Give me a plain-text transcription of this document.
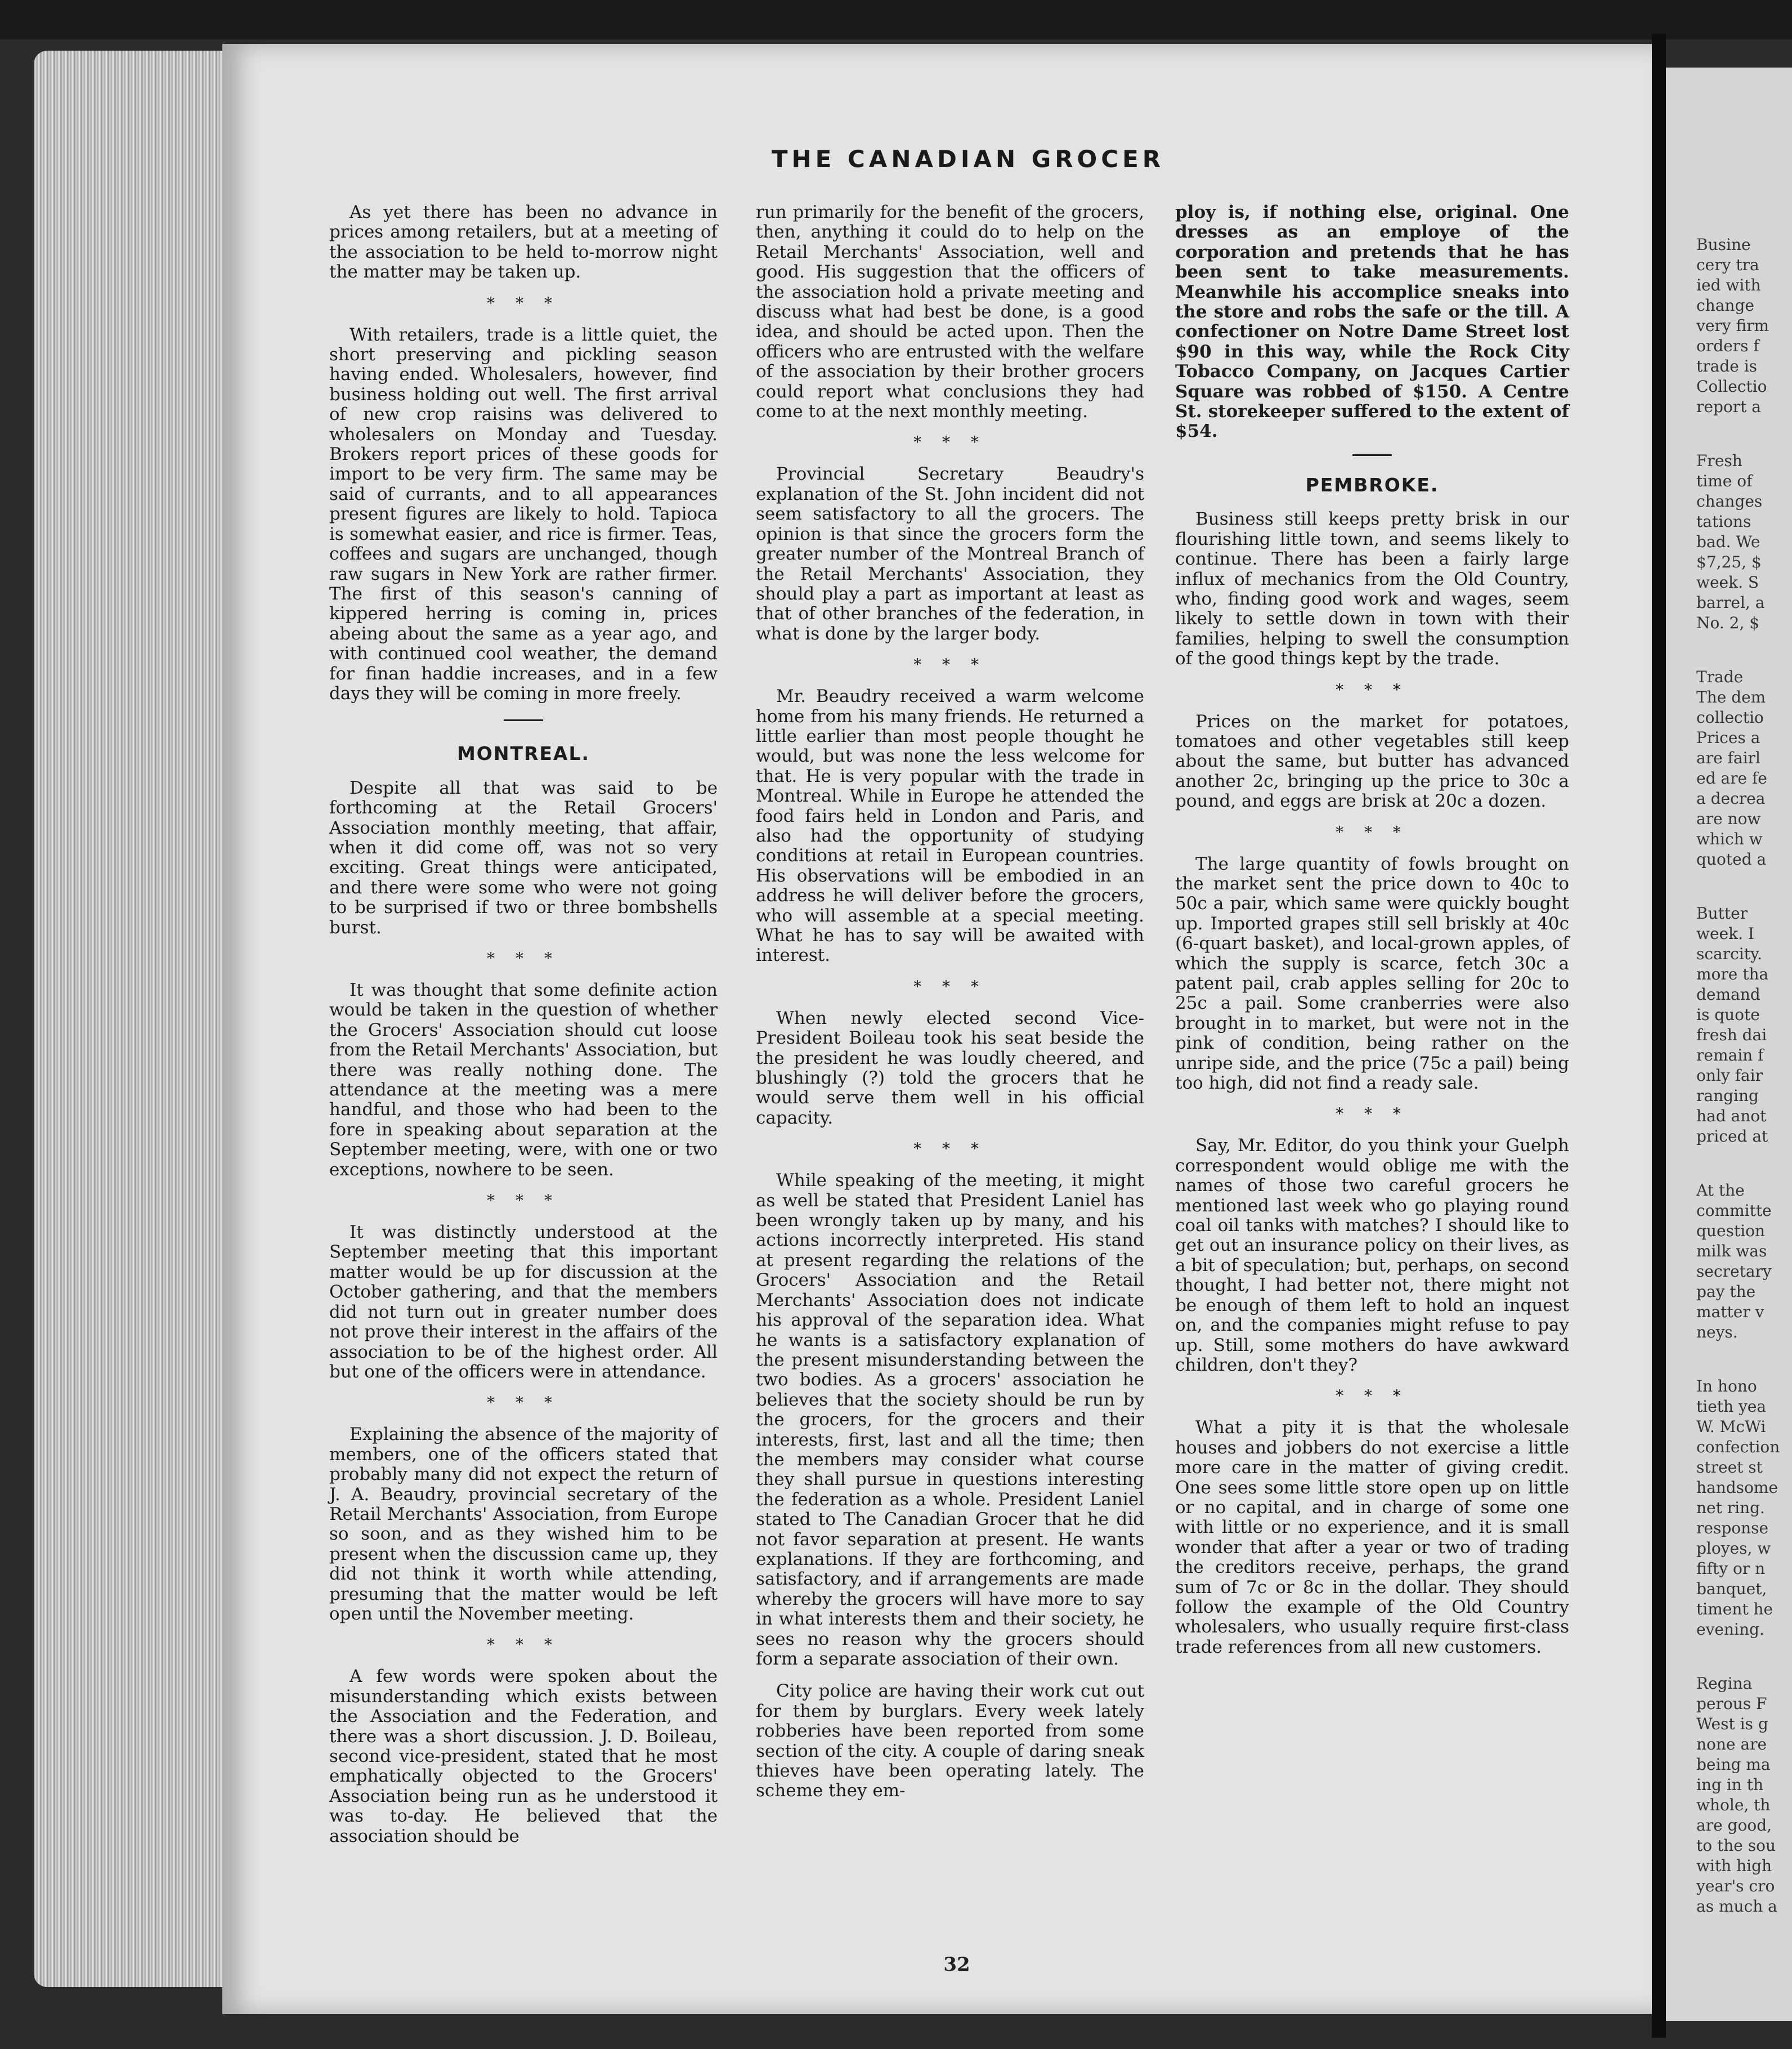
THE CANADIAN GROCER

As yet there has been no advance in prices among retailers, but at a meeting of the association to be held to-morrow night the matter may be taken up.

* * *

With retailers, trade is a little quiet, the short preserving and pickling season having ended. Wholesalers, however, find business holding out well. The first arrival of new crop raisins was delivered to wholesalers on Monday and Tuesday. Brokers report prices of these goods for import to be very firm. The same may be said of currants, and to all appearances present figures are likely to hold. Tapioca is somewhat easier, and rice is firmer. Teas, coffees and sugars are unchanged, though raw sugars in New York are rather firmer. The first of this season's canning of kippered herring is coming in, prices abeing about the same as a year ago, and with continued cool weather, the demand for finan haddie increases, and in a few days they will be coming in more freely.

MONTREAL.

Despite all that was said to be forthcoming at the Retail Grocers' Association monthly meeting, that affair, when it did come off, was not so very exciting. Great things were anticipated, and there were some who were not going to be surprised if two or three bombshells burst.

* * *

It was thought that some definite action would be taken in the question of whether the Grocers' Association should cut loose from the Retail Merchants' Association, but there was really nothing done. The attendance at the meeting was a mere handful, and those who had been to the fore in speaking about separation at the September meeting, were, with one or two exceptions, nowhere to be seen.

* * *

It was distinctly understood at the September meeting that this important matter would be up for discussion at the October gathering, and that the members did not turn out in greater number does not prove their interest in the affairs of the association to be of the highest order. All but one of the officers were in attendance.

* * *

Explaining the absence of the majority of members, one of the officers stated that probably many did not expect the return of J. A. Beaudry, provincial secretary of the Retail Merchants' Association, from Europe so soon, and as they wished him to be present when the discussion came up, they did not think it worth while attending, presuming that the matter would be left open until the November meeting.

* * *

A few words were spoken about the misunderstanding which exists between the Association and the Federation, and there was a short discussion. J. D. Boileau, second vice-president, stated that he most emphatically objected to the Grocers' Association being run as he understood it was to-day. He believed that the association should be

run primarily for the benefit of the grocers, then, anything it could do to help on the Retail Merchants' Association, well and good. His suggestion that the officers of the association hold a private meeting and discuss what had best be done, is a good idea, and should be acted upon. Then the officers who are entrusted with the welfare of the association by their brother grocers could report what conclusions they had come to at the next monthly meeting.

* * *

Provincial Secretary Beaudry's explanation of the St. John incident did not seem satisfactory to all the grocers. The opinion is that since the grocers form the greater number of the Montreal Branch of the Retail Merchants' Association, they should play a part as important at least as that of other branches of the federation, in what is done by the larger body.

* * *

Mr. Beaudry received a warm welcome home from his many friends. He returned a little earlier than most people thought he would, but was none the less welcome for that. He is very popular with the trade in Montreal. While in Europe he attended the food fairs held in London and Paris, and also had the opportunity of studying conditions at retail in European countries. His observations will be embodied in an address he will deliver before the grocers, who will assemble at a special meeting. What he has to say will be awaited with interest.

* * *

When newly elected second Vice-President Boileau took his seat beside the the president he was loudly cheered, and blushingly (?) told the grocers that he would serve them well in his official capacity.

* * *

While speaking of the meeting, it might as well be stated that President Laniel has been wrongly taken up by many, and his actions incorrectly interpreted. His stand at present regarding the relations of the Grocers' Association and the Retail Merchants' Association does not indicate his approval of the separation idea. What he wants is a satisfactory explanation of the present misunderstanding between the two bodies. As a grocers' association he believes that the society should be run by the grocers, for the grocers and their interests, first, last and all the time; then the members may consider what course they shall pursue in questions interesting the federation as a whole. President Laniel stated to The Canadian Grocer that he did not favor separation at present. He wants explanations. If they are forthcoming, and satisfactory, and if arrangements are made whereby the grocers will have more to say in what interests them and their society, he sees no reason why the grocers should form a separate association of their own.

City police are having their work cut out for them by burglars. Every week lately robberies have been reported from some section of the city. A couple of daring sneak thieves have been operating lately. The scheme they em-

ploy is, if nothing else, original. One dresses as an employe of the corporation and pretends that he has been sent to take measurements. Meanwhile his accomplice sneaks into the store and robs the safe or the till. A confectioner on Notre Dame Street lost $90 in this way, while the Rock City Tobacco Company, on Jacques Cartier Square was robbed of $150. A Centre St. storekeeper suffered to the extent of $54.

PEMBROKE.

Business still keeps pretty brisk in our flourishing little town, and seems likely to continue. There has been a fairly large influx of mechanics from the Old Country, who, finding good work and wages, seem likely to settle down in town with their families, helping to swell the consumption of the good things kept by the trade.

* * *

Prices on the market for potatoes, tomatoes and other vegetables still keep about the same, but butter has advanced another 2c, bringing up the price to 30c a pound, and eggs are brisk at 20c a dozen.

* * *

The large quantity of fowls brought on the market sent the price down to 40c to 50c a pair, which same were quickly bought up. Imported grapes still sell briskly at 40c (6-quart basket), and local-grown apples, of which the supply is scarce, fetch 30c a patent pail, crab apples selling for 20c to 25c a pail. Some cranberries were also brought in to market, but were not in the pink of condition, being rather on the unripe side, and the price (75c a pail) being too high, did not find a ready sale.

* * *

Say, Mr. Editor, do you think your Guelph correspondent would oblige me with the names of those two careful grocers he mentioned last week who go playing round coal oil tanks with matches? I should like to get out an insurance policy on their lives, as a bit of speculation; but, perhaps, on second thought, I had better not, there might not be enough of them left to hold an inquest on, and the companies might refuse to pay up. Still, some mothers do have awkward children, don't they?

* * *

What a pity it is that the wholesale houses and jobbers do not exercise a little more care in the matter of giving credit. One sees some little store open up on little or no capital, and in charge of some one with little or no experience, and it is small wonder that after a year or two of trading the creditors receive, perhaps, the grand sum of 7c or 8c in the dollar. They should follow the example of the Old Country wholesalers, who usually require first-class trade references from all new customers.

32
Busine
cery tra
ied with
change
very firm
orders f
trade is
Collectio
report a
Fresh
time of
changes
tations
bad. We
$7,25, $
week. S
barrel, a
No. 2, $
Trade
The dem
collectio
Prices a
are fairl
ed are fe
a decrea
are now
which w
quoted a
Butter
week. I
scarcity.
more tha
demand
is quote
fresh dai
remain f
only fair
ranging
had anot
priced at
At the
committe
question
milk was
secretary
pay the
matter v
neys.
In hono
tieth yea
W. McWi
confection
street st
handsome
net ring.
response
ployes, w
fifty or n
banquet,
timent he
evening.
Regina
perous F
West is g
none are
being ma
ing in th
whole, th
are good,
to the sou
with high
year's cro
as much a
